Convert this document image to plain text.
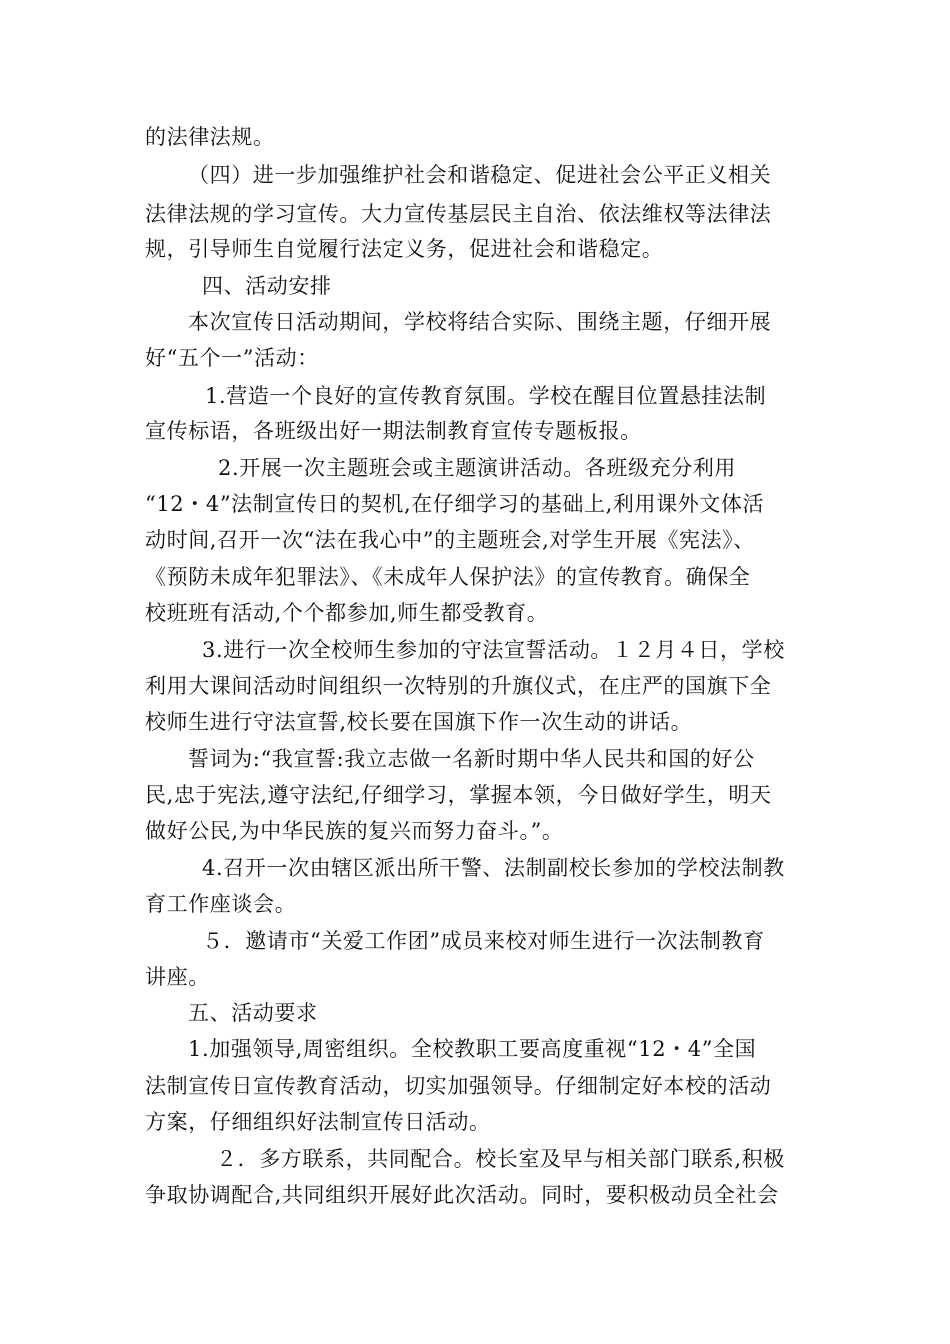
的法律法规。
（四）进一步加强维护社会和谐稳定、促进社会公平正义相关
法律法规的学习宣传。大力宣传基层民主自治、依法维权等法律法
规，引导师生自觉履行法定义务，促进社会和谐稳定。
四、活动安排
本次宣传日活动期间，学校将结合实际、围绕主题，仔细开展
好“五个一”活动：
1.营造一个良好的宣传教育氛围。学校在醒目位置悬挂法制
宣传标语，各班级出好一期法制教育宣传专题板报。
2.开展一次主题班会或主题演讲活动。各班级充分利用
“12・4”法制宣传日的契机,在仔细学习的基础上,利用课外文体活
动时间,召开一次“法在我心中”的主题班会,对学生开展《宪法》、
《预防未成年犯罪法》、《未成年人保护法》的宣传教育。确保全
校班班有活动,个个都参加,师生都受教育。
3.进行一次全校师生参加的守法宣誓活动。１２月４日，学校
利用大课间活动时间组织一次特别的升旗仪式，在庄严的国旗下全
校师生进行守法宣誓,校长要在国旗下作一次生动的讲话。
誓词为:“我宣誓:我立志做一名新时期中华人民共和国的好公
民,忠于宪法,遵守法纪,仔细学习，掌握本领，今日做好学生，明天
做好公民,为中华民族的复兴而努力奋斗。”。
4.召开一次由辖区派出所干警、法制副校长参加的学校法制教
育工作座谈会。
５．邀请市“关爱工作团”成员来校对师生进行一次法制教育
讲座。
五、活动要求
1.加强领导,周密组织。全校教职工要高度重视“12・4”全国
法制宣传日宣传教育活动，切实加强领导。仔细制定好本校的活动
方案，仔细组织好法制宣传日活动。
２．多方联系，共同配合。校长室及早与相关部门联系,积极
争取协调配合,共同组织开展好此次活动。同时，要积极动员全社会
